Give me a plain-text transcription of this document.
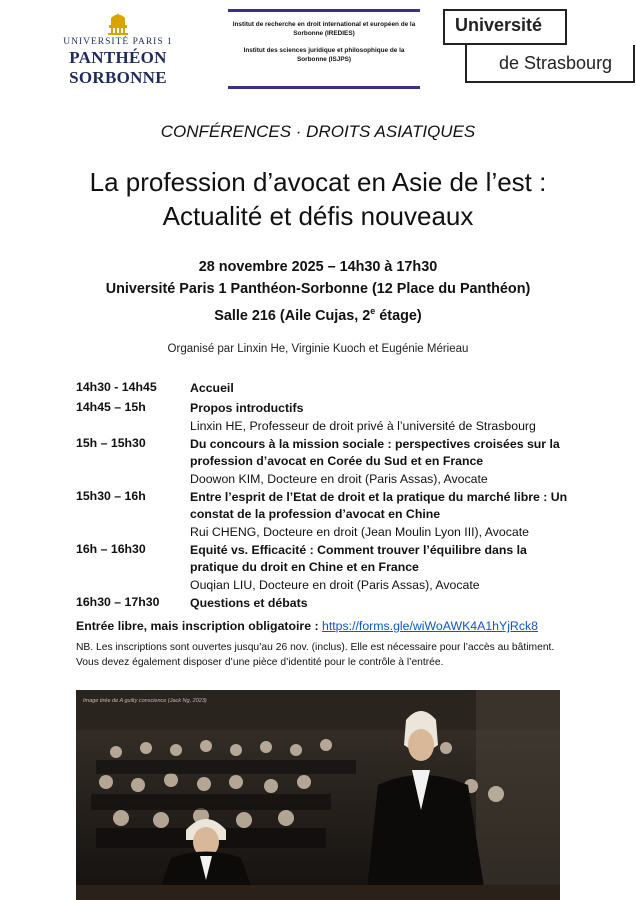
UNIVERSITÉ PARIS 1
PANTHÉON SORBONNE

Institut de recherche en droit international et européen de la Sorbonne (IREDIES)

Institut des sciences juridique et philosophique de la Sorbonne (ISJPS)

Université
de Strasbourg
CONFÉRENCES · DROITS ASIATIQUES
La profession d’avocat en Asie de l’est :
Actualité et défis nouveaux
28 novembre 2025 – 14h30 à 17h30
Université Paris 1 Panthéon-Sorbonne (12 Place du Panthéon)
Salle 216 (Aile Cujas, 2e étage)
Organisé par Linxin He, Virginie Kuoch et Eugénie Mérieau
14h30 - 14h45	Accueil
14h45 – 15h	Propos introductifs
Linxin HE, Professeur de droit privé à l’université de Strasbourg
15h – 15h30	Du concours à la mission sociale : perspectives croisées sur la profession d’avocat en Corée du Sud et en France
Doowon KIM, Docteure en droit (Paris Assas), Avocate
15h30 – 16h	Entre l’esprit de l’Etat de droit et la pratique du marché libre : Un constat de la profession d’avocat en Chine
Rui CHENG, Docteure en droit (Jean Moulin Lyon III), Avocate
16h – 16h30	Equité vs. Efficacité : Comment trouver l’équilibre dans la pratique du droit en Chine et en France
Ouqian LIU, Docteure en droit (Paris Assas), Avocate
16h30 – 17h30	Questions et débats
Entrée libre, mais inscription obligatoire : https://forms.gle/wiWoAWK4A1hYjRck8
NB. Les inscriptions sont ouvertes jusqu’au 26 nov. (inclus). Elle est nécessaire pour l’accès au bâtiment. Vous devez également disposer d’une pièce d’identité pour le contrôle à l’entrée.
Image tirée de A guilty conscience (Jack Ng, 2023)
